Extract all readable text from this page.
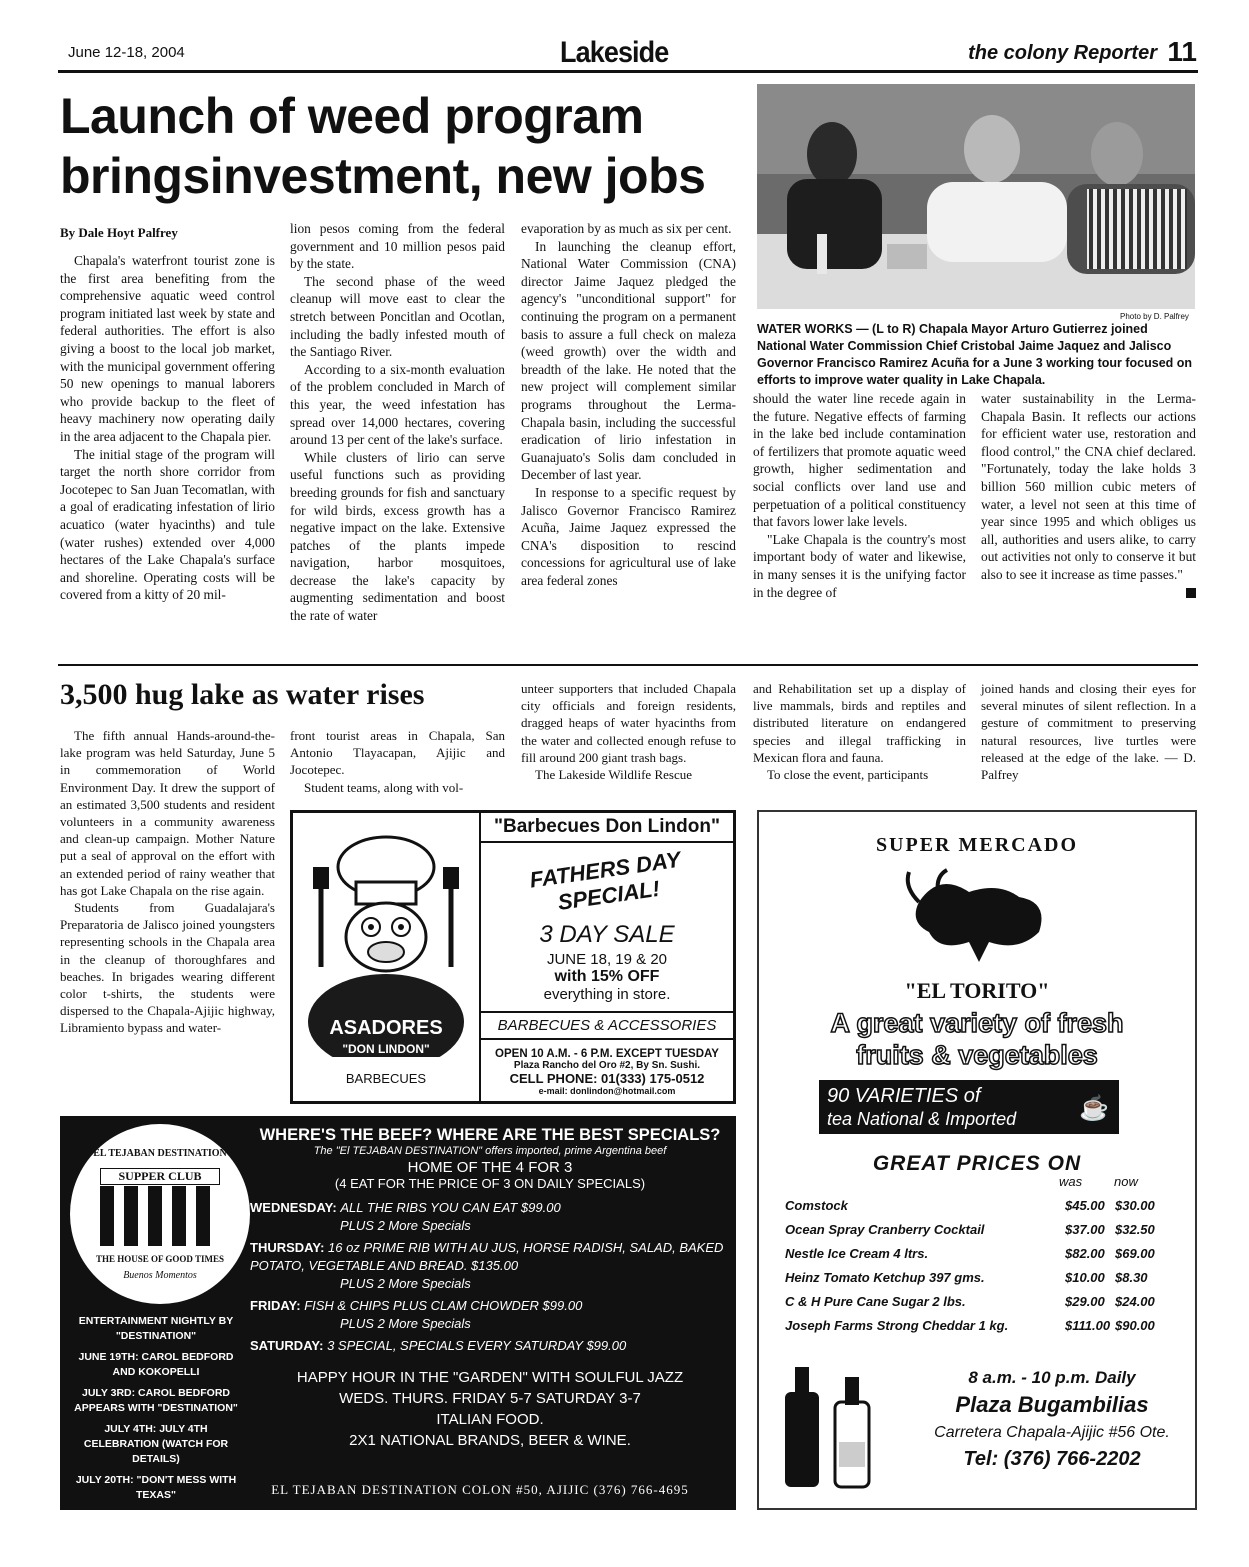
June 12-18, 2004	Lakeside	the colony Reporter 11
Launch of weed program bringsinvestment, new jobs
By Dale Hoyt Palfrey

Chapala's waterfront tourist zone is the first area benefiting from the comprehensive aquatic weed control program initiated last week by state and federal authorities. The effort is also giving a boost to the local job market, with the municipal government offering 50 new openings to manual laborers who provide backup to the fleet of heavy machinery now operating daily in the area adjacent to the Chapala pier.

The initial stage of the program will target the north shore corridor from Jocotepec to San Juan Tecomatlan, with a goal of eradicating infestation of lirio acuatico (water hyacinths) and tule (water rushes) extended over 4,000 hectares of the Lake Chapala's surface and shoreline. Operating costs will be covered from a kitty of 20 mil-

lion pesos coming from the federal government and 10 million pesos paid by the state.

The second phase of the weed cleanup will move east to clear the stretch between Poncitlan and Ocotlan, including the badly infested mouth of the Santiago River.

According to a six-month evaluation of the problem concluded in March of this year, the weed infestation has spread over 14,000 hectares, covering around 13 per cent of the lake's surface.

While clusters of lirio can serve useful functions such as providing breeding grounds for fish and sanctuary for wild birds, excess growth has a negative impact on the lake. Extensive patches of the plants impede navigation, harbor mosquitoes, decrease the lake's capacity by augmenting sedimentation and boost the rate of water

evaporation by as much as six per cent.

In launching the cleanup effort, National Water Commission (CNA) director Jaime Jaquez pledged the agency's "unconditional support" for continuing the program on a permanent basis to assure a full check on maleza (weed growth) over the width and breadth of the lake. He noted that the new project will complement similar programs throughout the Lerma-Chapala basin, including the successful eradication of lirio infestation in Guanajuato's Solis dam concluded in December of last year.

In response to a specific request by Jalisco Governor Francisco Ramirez Acuña, Jaime Jaquez expressed the CNA's disposition to rescind concessions for agricultural use of lake area federal zones

Photo by D. Palfrey
WATER WORKS — (L to R) Chapala Mayor Arturo Gutierrez joined National Water Commission Chief Cristobal Jaime Jaquez and Jalisco Governor Francisco Ramirez Acuña for a June 3 working tour focused on efforts to improve water quality in Lake Chapala.

should the water line recede again in the future. Negative effects of farming in the lake bed include contamination of fertilizers that promote aquatic weed growth, higher sedimentation and social conflicts over land use and perpetuation of a political constituency that favors lower lake levels.

"Lake Chapala is the country's most important body of water and likewise, in many senses it is the unifying factor in the degree of

water sustainability in the Lerma-Chapala Basin. It reflects our actions for efficient water use, restoration and flood control," the CNA chief declared. "Fortunately, today the lake holds 3 billion 560 million cubic meters of water, a level not seen at this time of year since 1995 and which obliges us all, authorities and users alike, to carry out activities not only to conserve it but also to see it increase as time passes."

3,500 hug lake as water rises

The fifth annual Hands-around-the-lake program was held Saturday, June 5 in commemoration of World Environment Day. It drew the support of an estimated 3,500 students and resident volunteers in a community awareness and clean-up campaign. Mother Nature put a seal of approval on the effort with an extended period of rainy weather that has got Lake Chapala on the rise again.

Students from Guadalajara's Preparatoria de Jalisco joined youngsters representing schools in the Chapala area in the cleanup of thoroughfares and beaches. In brigades wearing different color t-shirts, the students were dispersed to the Chapala-Ajijic highway, Libramiento bypass and water-

front tourist areas in Chapala, San Antonio Tlayacapan, Ajijic and Jocotepec.

Student teams, along with vol-

unteer supporters that included Chapala city officials and foreign residents, dragged heaps of water hyacinths from the water and collected enough refuse to fill around 200 giant trash bags.

The Lakeside Wildlife Rescue

and Rehabilitation set up a display of live mammals, birds and reptiles and distributed literature on endangered species and illegal trafficking in Mexican flora and fauna.

To close the event, participants

joined hands and closing their eyes for several minutes of silent reflection. In a gesture of commitment to preserving natural resources, live turtles were released at the edge of the lake. — D. Palfrey

ASADORES
"DON LINDON"
BARBECUES
"Barbecues Don Lindon"
FATHERS DAY SPECIAL!
3 DAY SALE
JUNE 18, 19 & 20
with 15% OFF
everything in store.
BARBECUES & ACCESSORIES
OPEN 10 A.M. - 6 P.M. EXCEPT TUESDAY
Plaza Rancho del Oro #2, By Sn. Sushi.
CELL PHONE: 01(333) 175-0512
e-mail: donlindon@hotmail.com
SUPER MERCADO
"EL TORITO"
A great variety of fresh
fruits & vegetables
90 VARIETIES of
tea National & Imported	☕
GREAT PRICES ON
was	now
Comstock	$45.00 $30.00
Ocean Spray Cranberry Cocktail	$37.00 $32.50
Nestle Ice Cream 4 ltrs.	$82.00 $69.00
Heinz Tomato Ketchup 397 gms.	$10.00 $8.30
C & H Pure Cane Sugar 2 lbs.	$29.00 $24.00
Joseph Farms Strong Cheddar 1 kg.	$111.00 $90.00
8 a.m. - 10 p.m. Daily
Plaza Bugambilias
Carretera Chapala-Ajijic #56 Ote.
Tel: (376) 766-2202
EL TEJABAN DESTINATION
SUPPER CLUB
THE HOUSE OF GOOD TIMES
Buenos Momentos
ENTERTAINMENT NIGHTLY BY "DESTINATION"
JUNE 19TH: CAROL BEDFORD AND KOKOPELLI
JULY 3RD: CAROL BEDFORD APPEARS WITH "DESTINATION"
JULY 4TH: JULY 4TH CELEBRATION (WATCH FOR DETAILS)
JULY 20TH: "DON'T MESS WITH TEXAS"
WHERE'S THE BEEF? WHERE ARE THE BEST SPECIALS?
The "El TEJABAN DESTINATION" offers imported, prime Argentina beef
HOME OF THE 4 FOR 3
(4 EAT FOR THE PRICE OF 3 ON DAILY SPECIALS)
WEDNESDAY: ALL THE RIBS YOU CAN EAT $99.00
PLUS 2 More Specials
THURSDAY: 16 oz PRIME RIB WITH AU JUS, HORSE RADISH, SALAD, BAKED POTATO, VEGETABLE AND BREAD. $135.00
PLUS 2 More Specials
FRIDAY: FISH & CHIPS PLUS CLAM CHOWDER $99.00
PLUS 2 More Specials
SATURDAY: 3 SPECIAL, SPECIALS EVERY SATURDAY $99.00
HAPPY HOUR IN THE "GARDEN" WITH SOULFUL JAZZ
WEDS. THURS. FRIDAY 5-7 SATURDAY 3-7
ITALIAN FOOD.
2X1 NATIONAL BRANDS, BEER & WINE.
EL TEJABAN DESTINATION COLON #50, AJIJIC (376) 766-4695
